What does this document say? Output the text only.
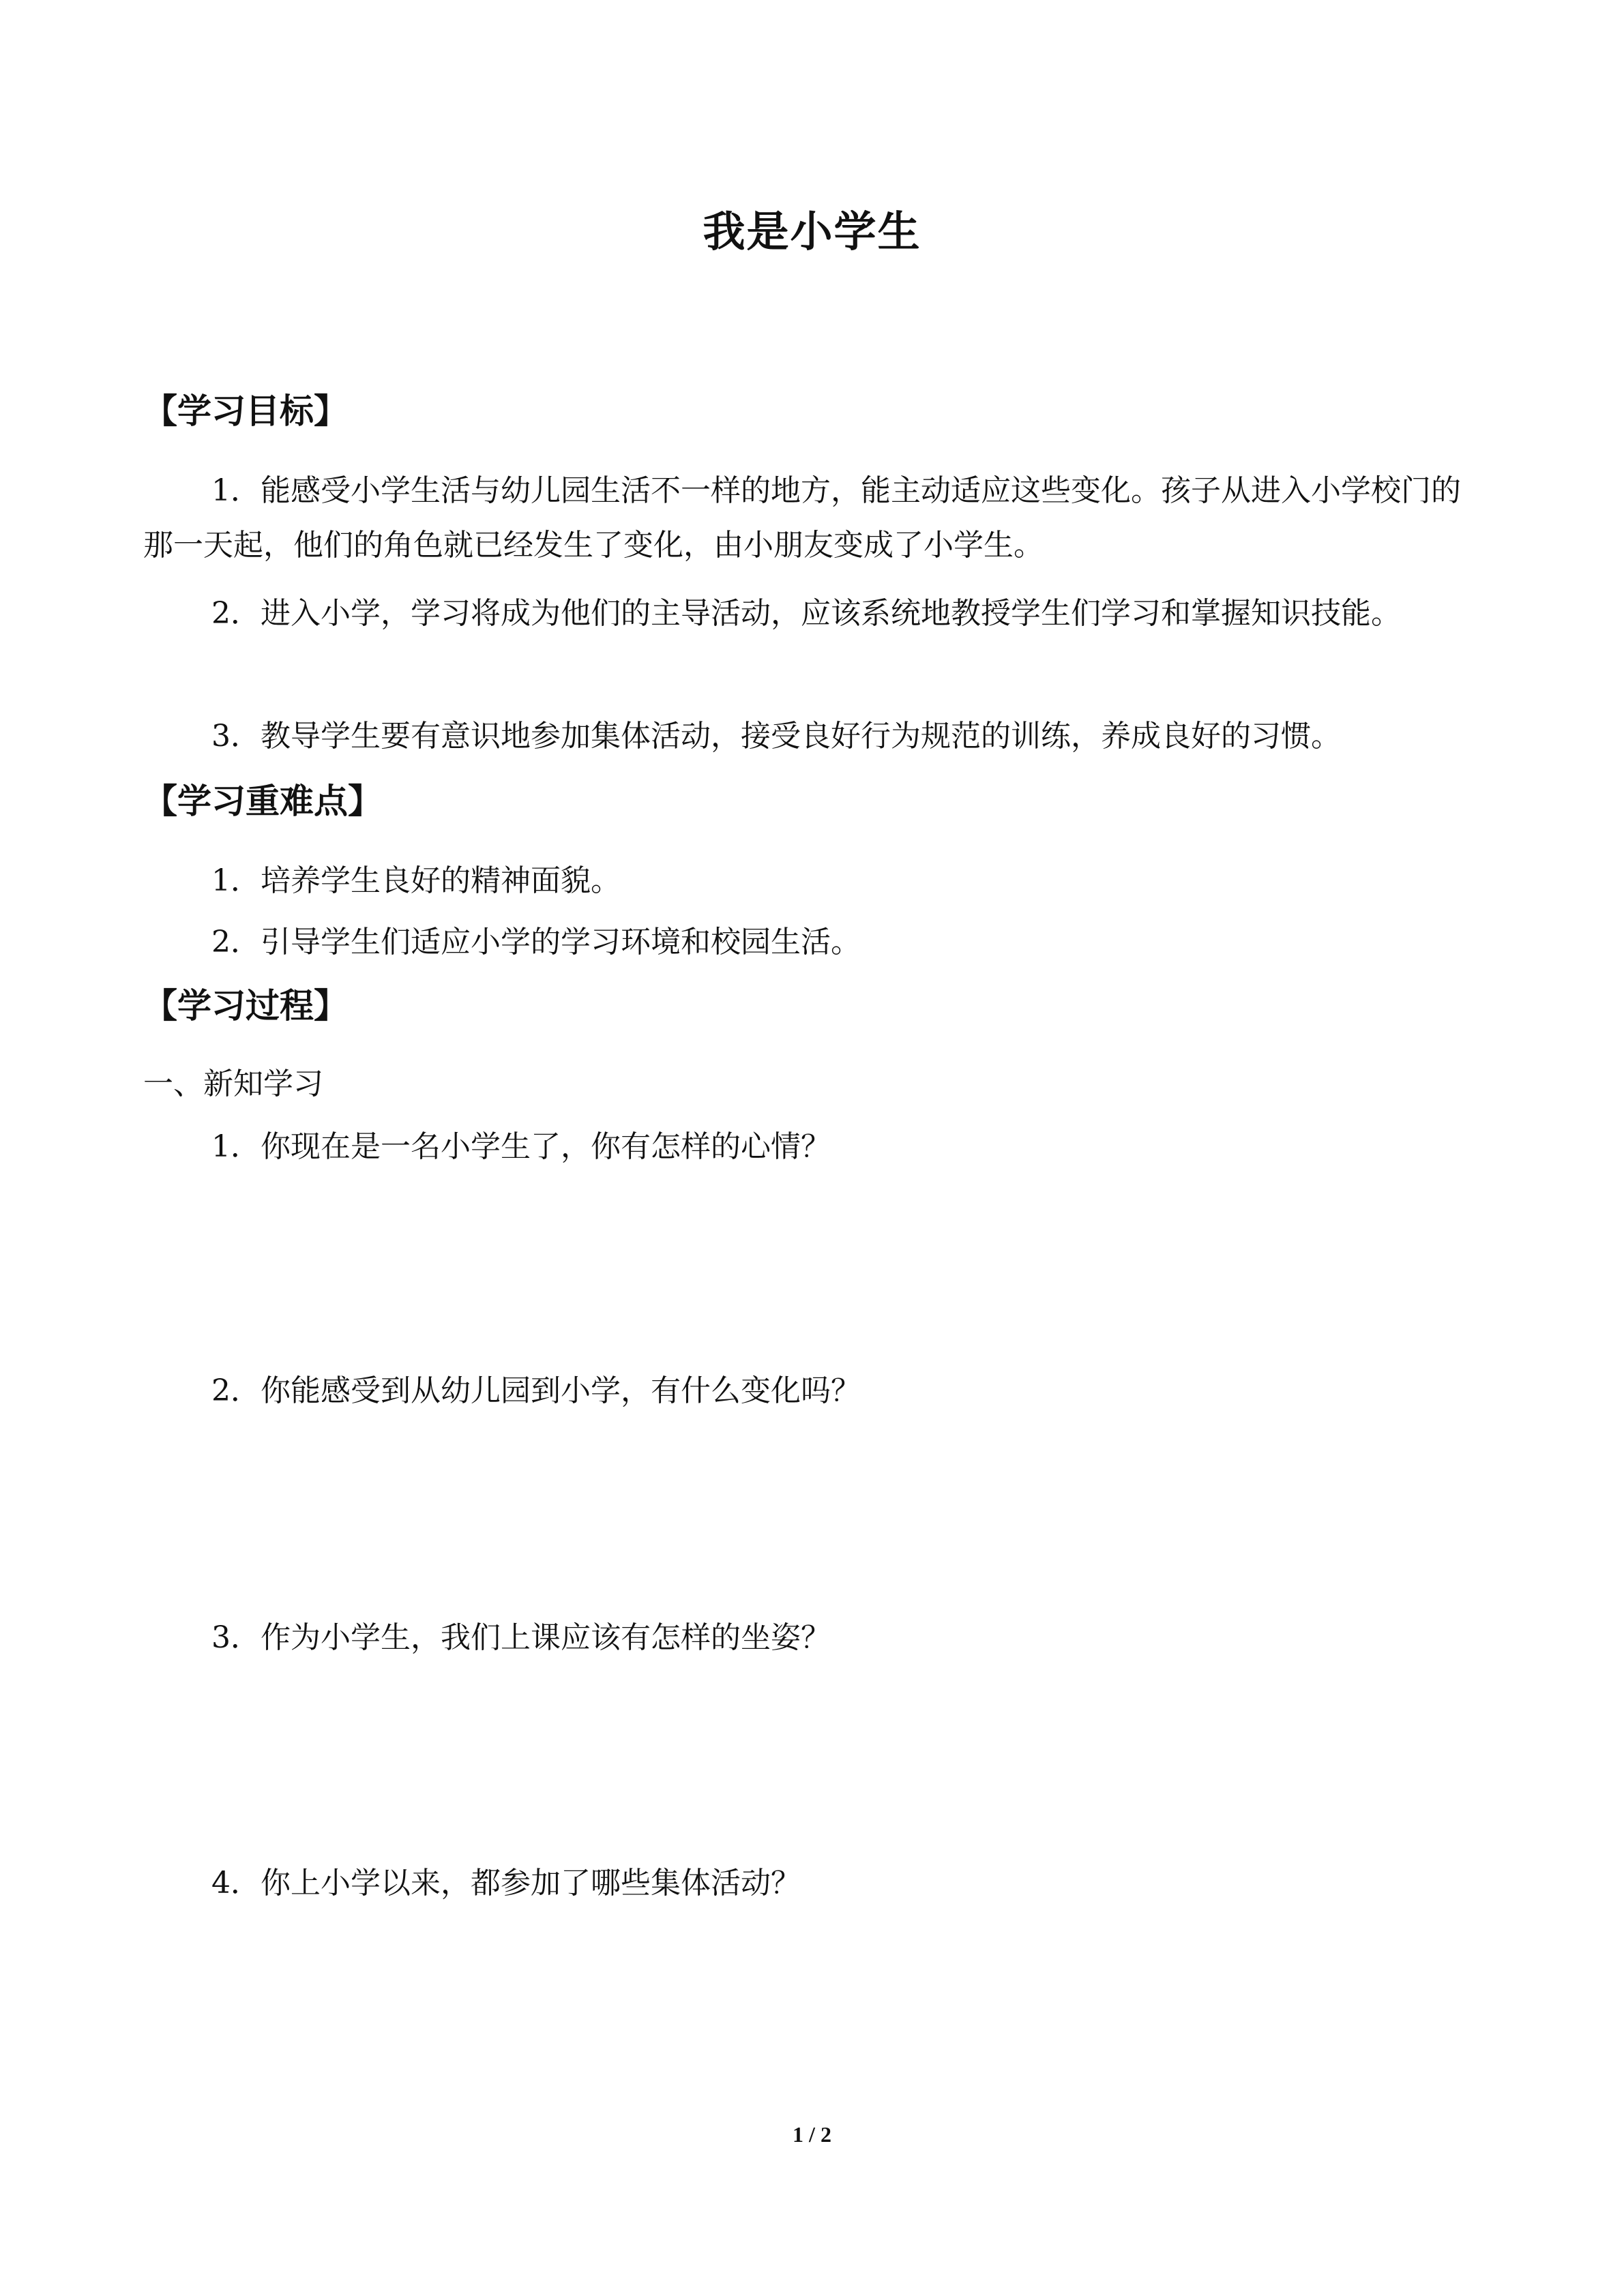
我是小学生
【学习目标】

1．能感受小学生活与幼儿园生活不一样的地方，能主动适应这些变化。孩子从进入小学校门的那一天起，他们的角色就已经发生了变化，由小朋友变成了小学生。

2．进入小学，学习将成为他们的主导活动，应该系统地教授学生们学习和掌握知识技能。

3．教导学生要有意识地参加集体活动，接受良好行为规范的训练，养成良好的习惯。

【学习重难点】

1．培养学生良好的精神面貌。

2．引导学生们适应小学的学习环境和校园生活。

【学习过程】

一、新知学习

1．你现在是一名小学生了，你有怎样的心情？

2．你能感受到从幼儿园到小学，有什么变化吗？

3．作为小学生，我们上课应该有怎样的坐姿？

4．你上小学以来，都参加了哪些集体活动？

1 / 2
